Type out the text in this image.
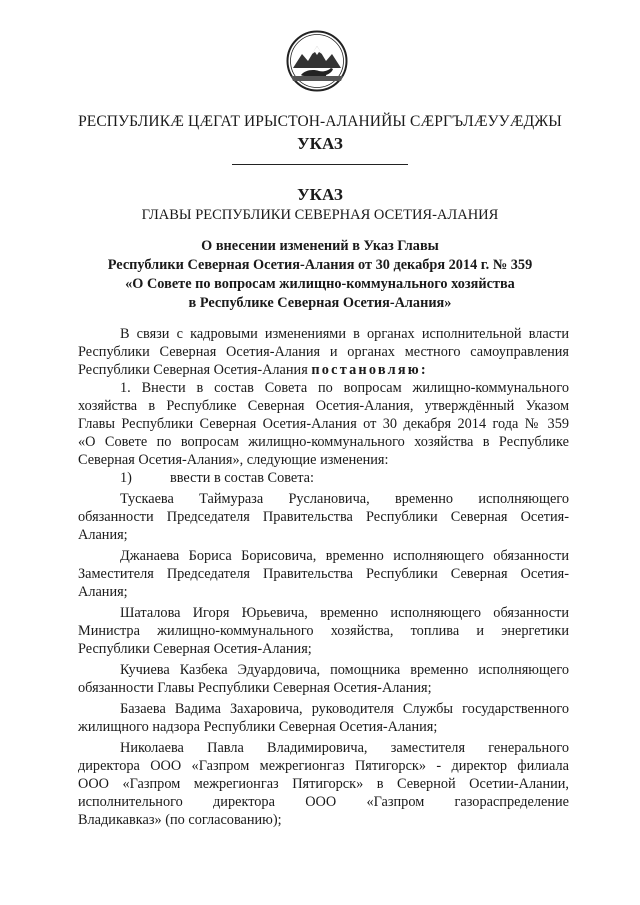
РЕСПУБЛИКӔ ЦӔГАТ ИРЫСТОН-АЛАНИЙЫ СӔРГЪЛӔУУӔДЖЫ
УКАЗ
УКАЗ
ГЛАВЫ РЕСПУБЛИКИ СЕВЕРНАЯ ОСЕТИЯ-АЛАНИЯ
О внесении изменений в Указ Главы
Республики Северная Осетия-Алания от 30 декабря 2014 г. № 359
«О Совете по вопросам жилищно-коммунального хозяйства
в Республике Северная Осетия-Алания»
В связи с кадровыми изменениями в органах исполнительной власти
Республики Северная Осетия-Алания и органах местного самоуправления
Республики Северная Осетия-Алания постановляю:
1. Внести в состав Совета по вопросам жилищно-коммунального
хозяйства в Республике Северная Осетия-Алания, утверждённый Указом
Главы Республики Северная Осетия-Алания от 30 декабря 2014 года № 359
«О Совете по вопросам жилищно-коммунального хозяйства в Республике
Северная Осетия-Алания», следующие изменения:
1)	ввести в состав Совета:
Тускаева Таймураза Руслановича, временно исполняющего
обязанности Председателя Правительства Республики Северная Осетия-
Алания;
Джанаева Бориса Борисовича, временно исполняющего обязанности
Заместителя Председателя Правительства Республики Северная Осетия-
Алания;
Шаталова Игоря Юрьевича, временно исполняющего обязанности
Министра жилищно-коммунального хозяйства, топлива и энергетики
Республики Северная Осетия-Алания;
Кучиева Казбека Эдуардовича, помощника временно исполняющего
обязанности Главы Республики Северная Осетия-Алания;
Базаева Вадима Захаровича, руководителя Службы государственного
жилищного надзора Республики Северная Осетия-Алания;
Николаева Павла Владимировича, заместителя генерального
директора ООО «Газпром межрегионгаз Пятигорск» - директор филиала
ООО «Газпром межрегионгаз Пятигорск» в Северной Осетии-Алании,
исполнительного директора ООО «Газпром газораспределение
Владикавказ» (по согласованию);
